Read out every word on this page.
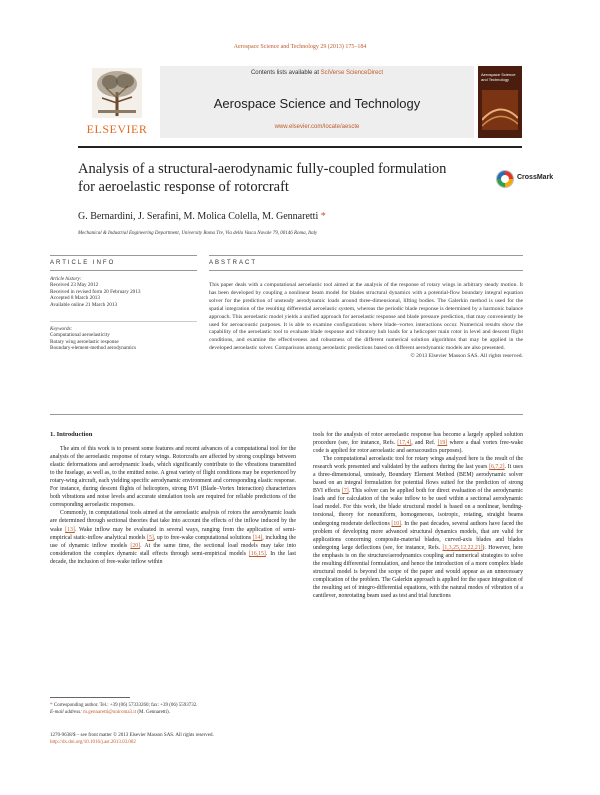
Aerospace Science and Technology 29 (2013) 175–184
ELSEVIER
Contents lists available at SciVerse ScienceDirect
Aerospace Science and Technology
www.elsevier.com/locate/aescte
Aerospace Science and Technology
Analysis of a structural-aerodynamic fully-coupled formulation for aeroelastic response of rotorcraft
CrossMark
G. Bernardini, J. Serafini, M. Molica Colella, M. Gennaretti *
Mechanical & Industrial Engineering Department, University Roma Tre, Via della Vasca Navale 79, 00146 Roma, Italy
ARTICLE INFO	ABSTRACT
Article history:
Received 23 May 2012
Received in revised form 20 February 2013
Accepted 8 March 2013
Available online 21 March 2013
Keywords:
Computational aeroelasticity
Rotary wing aeroelastic response
Boundary-element-method aerodynamics
This paper deals with a computational aeroelastic tool aimed at the analysis of the response of rotary wings in arbitrary steady motion. It has been developed by coupling a nonlinear beam model for blades structural dynamics with a potential-flow boundary integral equation solver for the prediction of unsteady aerodynamic loads around three-dimensional, lifting bodies. The Galerkin method is used for the spatial integration of the resulting differential aeroelastic system, whereas the periodic blade response is determined by a harmonic balance approach. This aeroelastic model yields a unified approach for aeroelastic response and blade pressure prediction, that may conveniently be used for aeroacoustic purposes. It is able to examine configurations where blade–vortex interactions occur. Numerical results show the capability of the aeroelastic tool to evaluate blade response and vibratory hub loads for a helicopter main rotor in level and descent flight conditions, and examine the effectiveness and robustness of the different numerical solution algorithms that may be applied in the developed aeroelastic solver. Comparisons among aeroelastic predictions based on different aerodynamic models are also presented.
© 2013 Elsevier Masson SAS. All rights reserved.
1. Introduction

The aim of this work is to present some features and recent advances of a computational tool for the analysis of the aeroelastic response of rotary wings. Rotorcrafts are affected by strong couplings between elastic deformations and aerodynamic loads, which significantly contribute to the vibrations transmitted to the fuselage, as well as, to the emitted noise. A great variety of flight conditions may be experienced by rotary-wing aircraft, each yielding specific aerodynamic environment and corresponding elastic response. For instance, during descent flights of helicopters, strong BVI (Blade–Vortex Interaction) characterizes both vibrations and noise levels and accurate simulation tools are required for reliable predictions of the corresponding aeroelastic responses.

Commonly, in computational tools aimed at the aeroelastic analysis of rotors the aerodynamic loads are determined through sectional theories that take into account the effects of the inflow induced by the wake [13]. Wake inflow may be evaluated in several ways, ranging from the application of semi-empirical static-inflow analytical models [5], up to free-wake computational solutions [14], including the use of dynamic inflow models [20]. At the same time, the sectional load models may take into consideration the complex dynamic stall effects through semi-empirical models [16,15]. In the last decade, the inclusion of free-wake inflow within

tools for the analysis of rotor aeroelastic response has become a largely applied solution procedure (see, for instance, Refs. [17,4], and Ref. [19] where a dual vortex free-wake code is applied for rotor aeroelastic and aeroacoustics purposes).

The computational aeroelastic tool for rotary wings analyzed here is the result of the research work presented and validated by the authors during the last years [6,7,2]. It uses a three-dimensional, unsteady, Boundary Element Method (BEM) aerodynamic solver based on an integral formulation for potential flows suited for the prediction of strong BVI effects [7]. This solver can be applied both for direct evaluation of the aerodynamic loads and for calculation of the wake inflow to be used within a sectional aerodynamic load model. For this work, the blade structural model is based on a nonlinear, bending-torsional, theory for nonuniform, homogeneous, isotropic, rotating, straight beams undergoing moderate deflections [10]. In the past decades, several authors have faced the problem of developing more advanced structural dynamics models, that are valid for applications concerning composite-material blades, curved-axis blades and blades undergoing large deflections (see, for instance, Refs. [1,3,25,12,22,21]). However, here the emphasis is on the structure/aerodynamics coupling and numerical strategies to solve the resulting differential formulation, and hence the introduction of a more complex blade structural model is beyond the scope of the paper and would appear as an unnecessary complication of the problem. The Galerkin approach is applied for the space integration of the resulting set of integro-differential equations, with the natural modes of vibration of a cantilever, nonrotating beam used as test and trial functions

* Corresponding author. Tel.: +39 (06) 57333260; fax: +39 (06) 5593732.
E-mail address: m.gennaretti@uniroma3.it (M. Gennaretti).
1270-9638/$ – see front matter © 2013 Elsevier Masson SAS. All rights reserved.
http://dx.doi.org/10.1016/j.ast.2013.03.002
